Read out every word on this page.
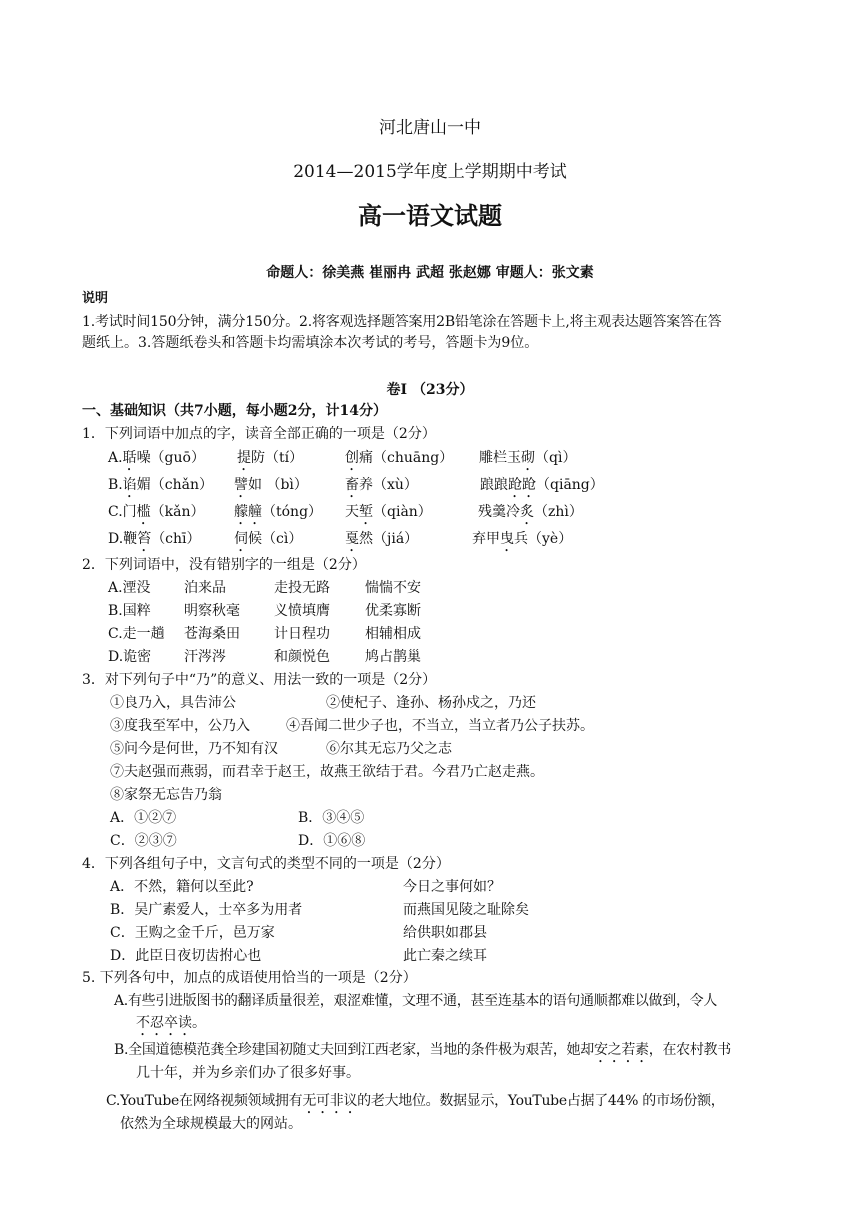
河北唐山一中
2014—2015学年度上学期期中考试
高一语文试题
命题人：徐美燕 崔丽冉 武超 张赵娜 审题人：张文素
说明
1.考试时间150分钟，满分150分。2.将客观选择题答案用2B铅笔涂在答题卡上,将主观表达题答案答在答
题纸上。3.答题纸卷头和答题卡均需填涂本次考试的考号，答题卡为9位。
卷Ⅰ （23分）
一、基础知识（共7小题，每小题2分，计14分）
1．下列词语中加点的字，读音全部正确的一项是（2分）
A.聒噪（guō） 提防（tí）	创痛（chuāng） 雕栏玉砌（qì）
B.谄媚（chǎn） 譬如 （bì）	畜养（xù）	踉踉跄跄（qiāng）
C.门槛（kǎn） 艨艟（tóng） 天堑（qiàn）	残羹冷炙（zhì）
D.鞭笞（chī） 伺候（cì）	戛然（jiá）	弃甲曳兵（yè）
2．下列词语中，没有错别字的一组是（2分）
A.湮没 泊来品	走投无路	惴惴不安
B.国粹 明察秋毫 义愤填膺	优柔寡断
C.走一趟 苍海桑田 计日程功	相辅相成
D.诡密 汗涔涔	和颜悦色	鸠占鹊巢
3．对下列句子中“乃”的意义、用法一致的一项是（2分）
①良乃入，具告沛公	②使杞子、逢孙、杨孙戍之，乃还
③度我至军中，公乃入	④吾闻二世少子也，不当立，当立者乃公子扶苏。
⑤问今是何世，乃不知有汉	⑥尔其无忘乃父之志
⑦夫赵强而燕弱，而君幸于赵王，故燕王欲结于君。今君乃亡赵走燕。
⑧家祭无忘告乃翁
A．①②⑦	B．③④⑤
C．②③⑦	D．①⑥⑧
4．下列各组句子中，文言句式的类型不同的一项是（2分）
A．不然，籍何以至此?	今日之事何如？
B．吴广素爱人，士卒多为用者	而燕国见陵之耻除矣
C．王购之金千斤，邑万家	给供职如郡县
D．此臣日夜切齿拊心也	此亡秦之续耳
5. 下列各句中，加点的成语使用恰当的一项是（2分）
A.有些引进版图书的翻译质量很差，艰涩难懂，文理不通，甚至连基本的语句通顺都难以做到，令人
不忍卒读。
B.全国道德模范龚全珍建国初随丈夫回到江西老家，当地的条件极为艰苦，她却安之若素，在农村教书
几十年，并为乡亲们办了很多好事。
C.YouTube在网络视频领域拥有无可非议的老大地位。数据显示，YouTube占据了44% 的市场份额，
依然为全球规模最大的网站。
